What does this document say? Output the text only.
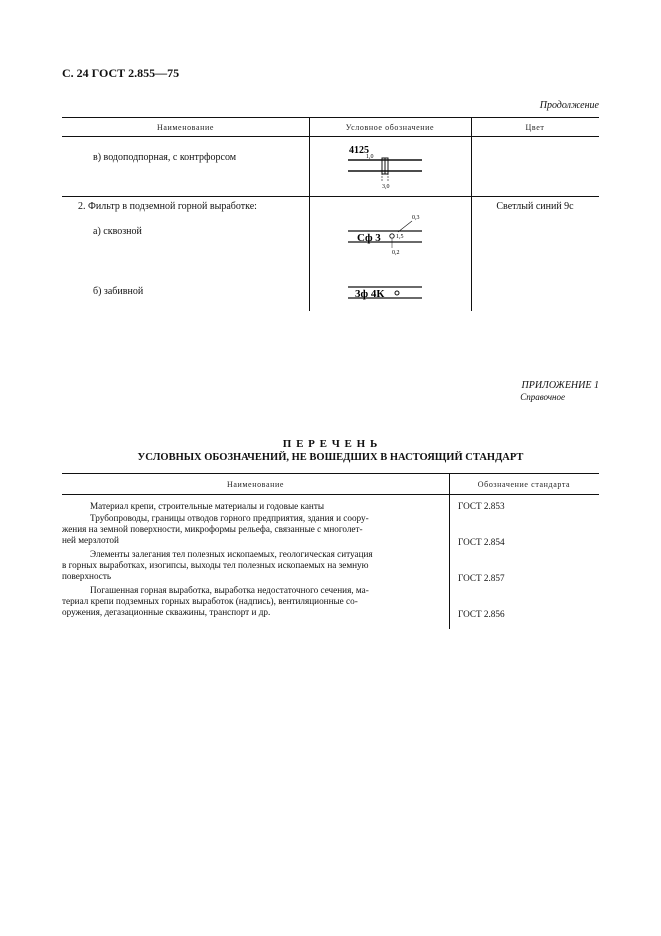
С. 24 ГОСТ 2.855—75
Продолжение
Наименование	Условное обозначение	Цвет
в) водоподпорная, с контрфорсом
4125
1,0
3,0
2. Фильтр в подземной горной выработке:	Светлый синий 9с
а) сквозной
0,3
Сф 3	1,5
0,2
б) забивной	3ф 4К
ПРИЛОЖЕНИЕ 1
Справочное
П Е Р Е Ч Е Н Ь
УСЛОВНЫХ ОБОЗНАЧЕНИЙ, НЕ ВОШЕДШИХ В НАСТОЯЩИЙ СТАНДАРТ
Наименование	Обозначение стандарта
Материал крепи, строительные материалы и годовые канты	ГОСТ 2.853
Трубопроводы, границы отводов горного предприятия, здания и соору-
жения на земной поверхности, микроформы рельефа, связанные с многолет-
ней мерзлотой	ГОСТ 2.854
Элементы залегания тел полезных ископаемых, геологическая ситуация
в горных выработках, изогипсы, выходы тел полезных ископаемых на земную
поверхность	ГОСТ 2.857
Погашенная горная выработка, выработка недостаточного сечения, ма-
териал крепи подземных горных выработок (надпись), вентиляционные со-
оружения, дегазационные скважины, транспорт и др.	ГОСТ 2.856
